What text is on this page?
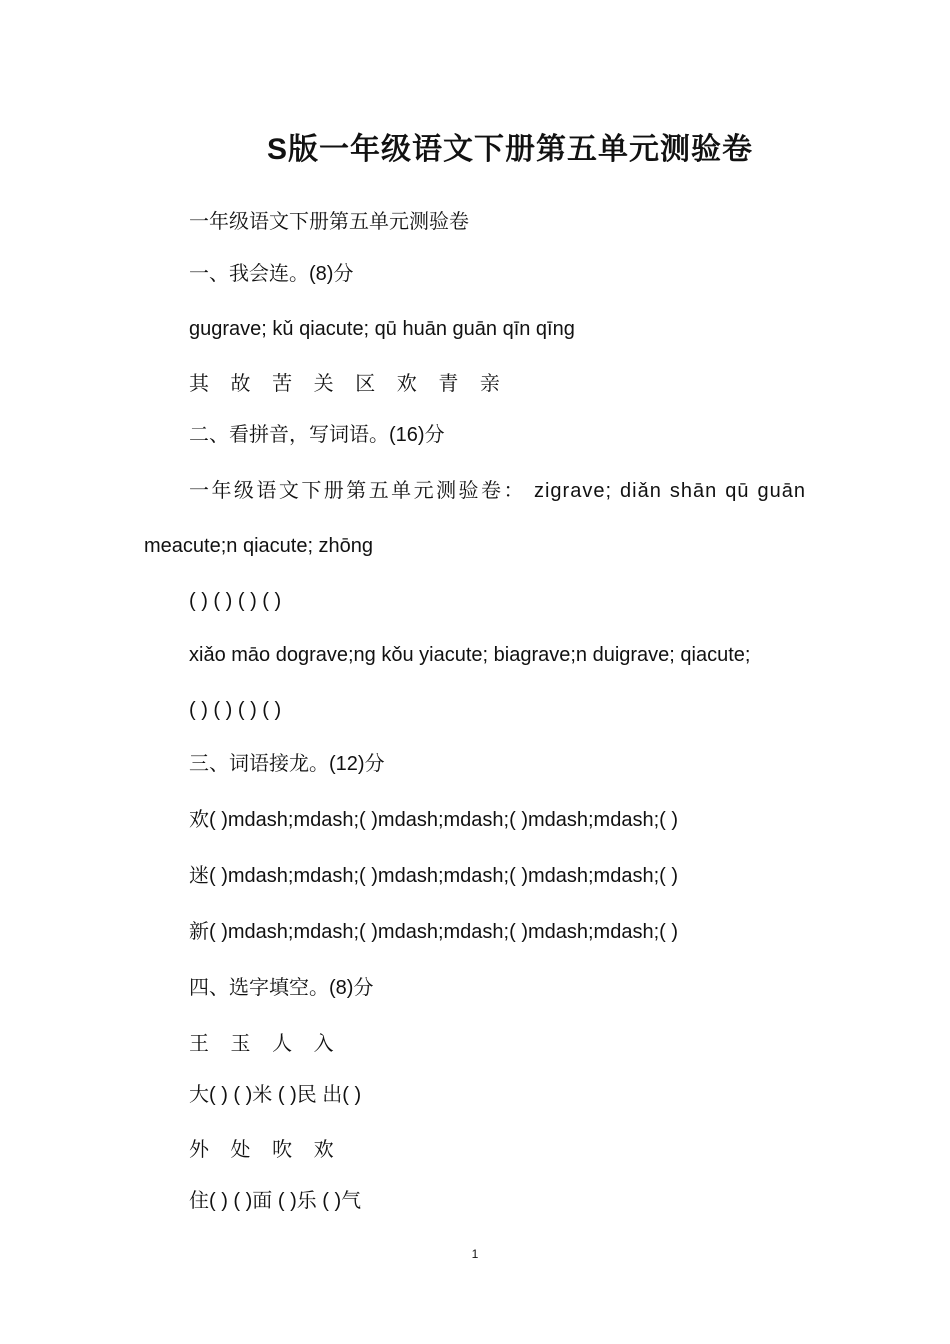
S版一年级语文下册第五单元测验卷
一年级语文下册第五单元测验卷
一、我会连。(8)分
gugrave; kǔ qiacute; qū huān guān qīn qīng
其 故 苦 关 区 欢 青 亲
二、看拼音，写词语。(16)分
一年级语文下册第五单元测验卷： zigrave; diǎn shān qū guān
meacute;n qiacute; zhōng
( ) ( ) ( ) ( )
xiǎo māo dograve;ng kǒu yiacute; biagrave;n duigrave; qiacute;
( ) ( ) ( ) ( )
三、词语接龙。(12)分
欢( )mdash;mdash;( )mdash;mdash;( )mdash;mdash;( )
迷( )mdash;mdash;( )mdash;mdash;( )mdash;mdash;( )
新( )mdash;mdash;( )mdash;mdash;( )mdash;mdash;( )
四、选字填空。(8)分
王 玉 人 入
大( ) ( )米 ( )民 出( )
外 处 吹 欢
住( ) ( )面 ( )乐 ( )气
1
